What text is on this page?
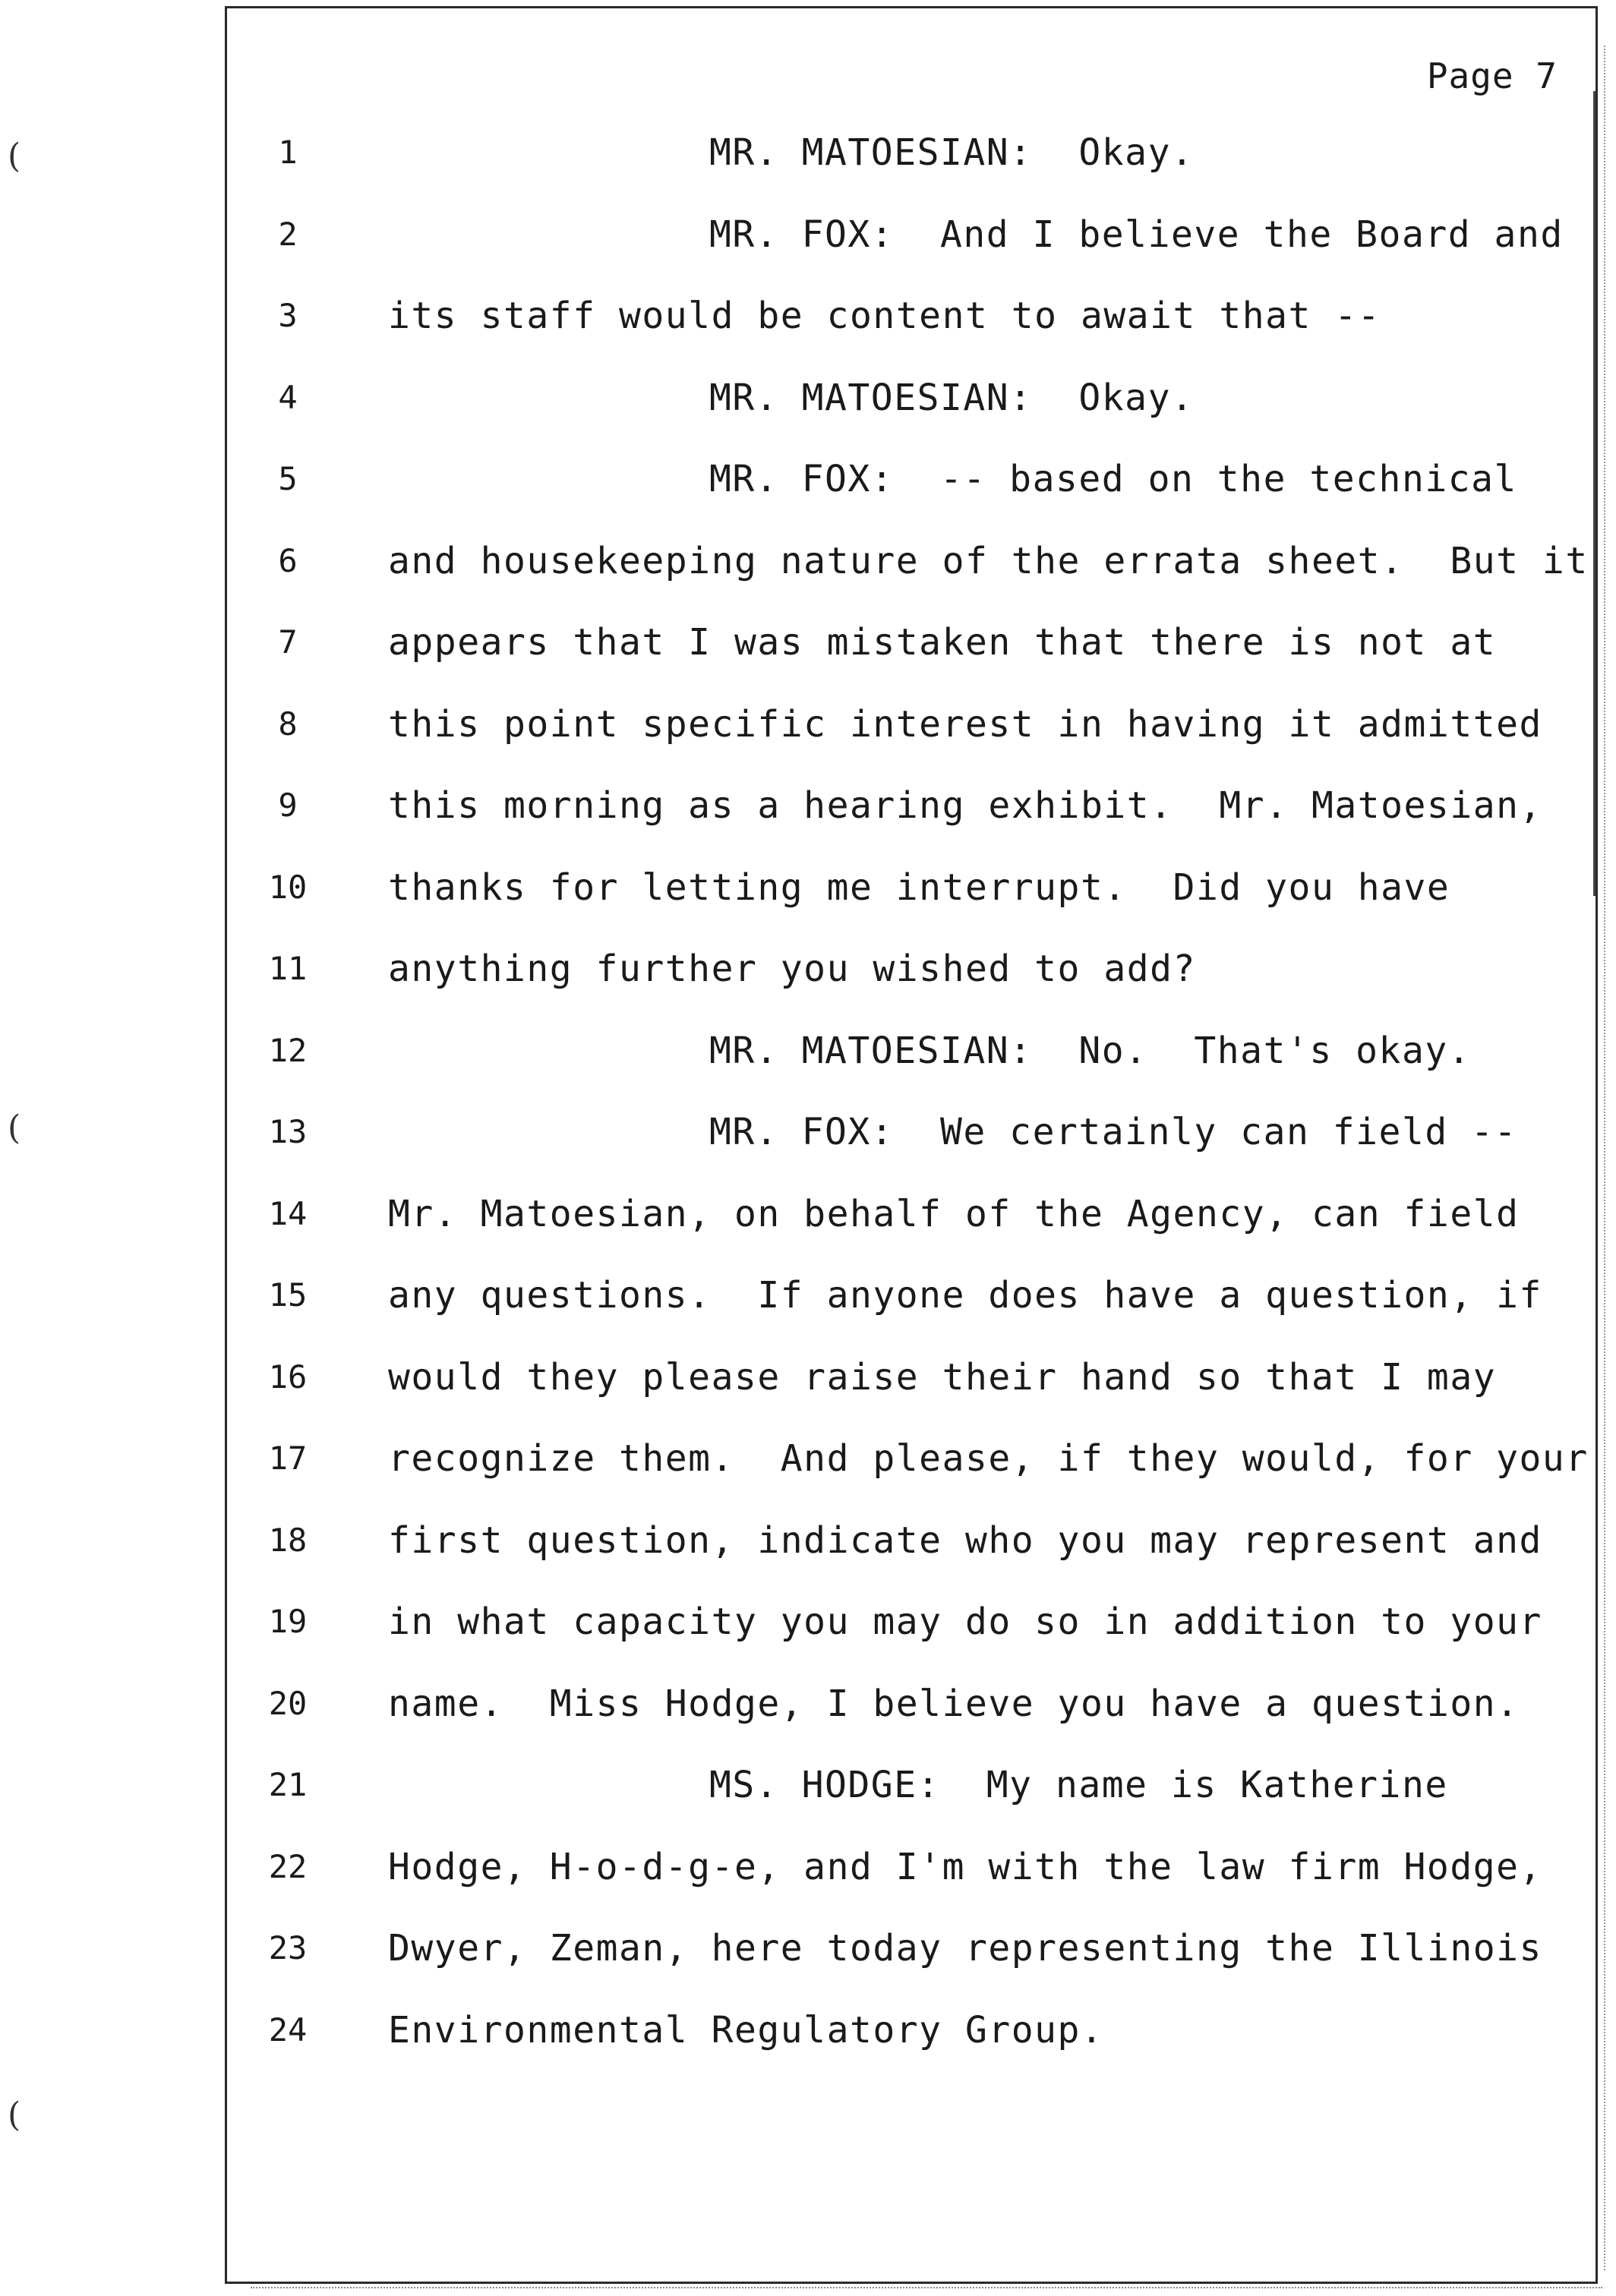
(
(
(
Page 7
1	MR. MATOESIAN:  Okay.
2	MR. FOX:  And I believe the Board and
3	its staff would be content to await that --
4	MR. MATOESIAN:  Okay.
5	MR. FOX:  -- based on the technical
6	and housekeeping nature of the errata sheet.  But it
7	appears that I was mistaken that there is not at
8	this point specific interest in having it admitted
9	this morning as a hearing exhibit.  Mr. Matoesian,
10	thanks for letting me interrupt.  Did you have
11	anything further you wished to add?
12	MR. MATOESIAN:  No.  That's okay.
13	MR. FOX:  We certainly can field --
14	Mr. Matoesian, on behalf of the Agency, can field
15	any questions.  If anyone does have a question, if
16	would they please raise their hand so that I may
17	recognize them.  And please, if they would, for your
18	first question, indicate who you may represent and
19	in what capacity you may do so in addition to your
20	name.  Miss Hodge, I believe you have a question.
21	MS. HODGE:  My name is Katherine
22	Hodge, H-o-d-g-e, and I'm with the law firm Hodge,
23	Dwyer, Zeman, here today representing the Illinois
24	Environmental Regulatory Group.
